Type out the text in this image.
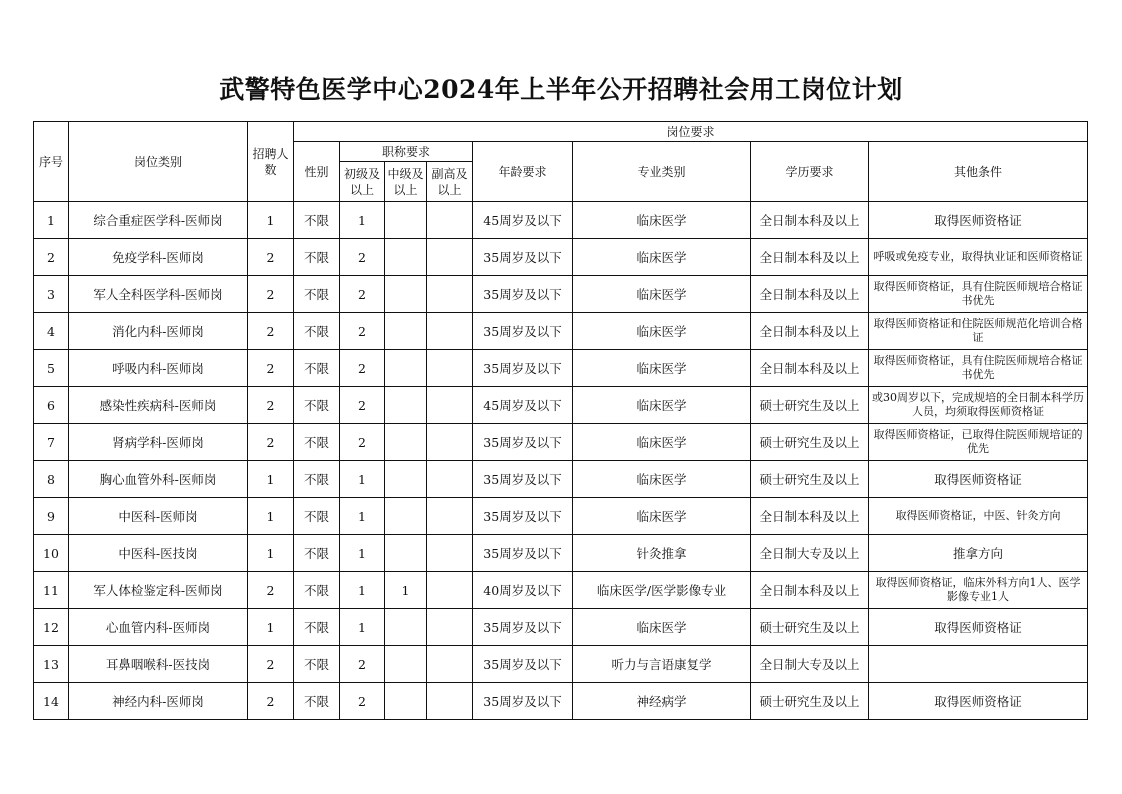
武警特色医学中心2024年上半年公开招聘社会用工岗位计划
序号	岗位类别	招聘人数	岗位要求							
			性别	职称要求			年龄要求	专业类别	学历要求	其他条件
				初级及以上	中级及以上	副高及以上				
1	综合重症医学科-医师岗	1	不限	1			45周岁及以下	临床医学	全日制本科及以上	取得医师资格证
2	免疫学科-医师岗	2	不限	2			35周岁及以下	临床医学	全日制本科及以上	呼吸或免疫专业，取得执业证和医师资格证
3	军人全科医学科-医师岗	2	不限	2			35周岁及以下	临床医学	全日制本科及以上	取得医师资格证，具有住院医师规培合格证书优先
4	消化内科-医师岗	2	不限	2			35周岁及以下	临床医学	全日制本科及以上	取得医师资格证和住院医师规范化培训合格证
5	呼吸内科-医师岗	2	不限	2			35周岁及以下	临床医学	全日制本科及以上	取得医师资格证，具有住院医师规培合格证书优先
6	感染性疾病科-医师岗	2	不限	2			45周岁及以下	临床医学	硕士研究生及以上	或30周岁以下，完成规培的全日制本科学历人员，均须取得医师资格证
7	肾病学科-医师岗	2	不限	2			35周岁及以下	临床医学	硕士研究生及以上	取得医师资格证，已取得住院医师规培证的优先
8	胸心血管外科-医师岗	1	不限	1			35周岁及以下	临床医学	硕士研究生及以上	取得医师资格证
9	中医科-医师岗	1	不限	1			35周岁及以下	临床医学	全日制本科及以上	取得医师资格证，中医、针灸方向
10	中医科-医技岗	1	不限	1			35周岁及以下	针灸推拿	全日制大专及以上	推拿方向
11	军人体检鉴定科-医师岗	2	不限	1	1		40周岁及以下	临床医学/医学影像专业	全日制本科及以上	取得医师资格证，临床外科方向1人、医学影像专业1人
12	心血管内科-医师岗	1	不限	1			35周岁及以下	临床医学	硕士研究生及以上	取得医师资格证
13	耳鼻咽喉科-医技岗	2	不限	2			35周岁及以下	听力与言语康复学	全日制大专及以上	
14	神经内科-医师岗	2	不限	2			35周岁及以下	神经病学	硕士研究生及以上	取得医师资格证
